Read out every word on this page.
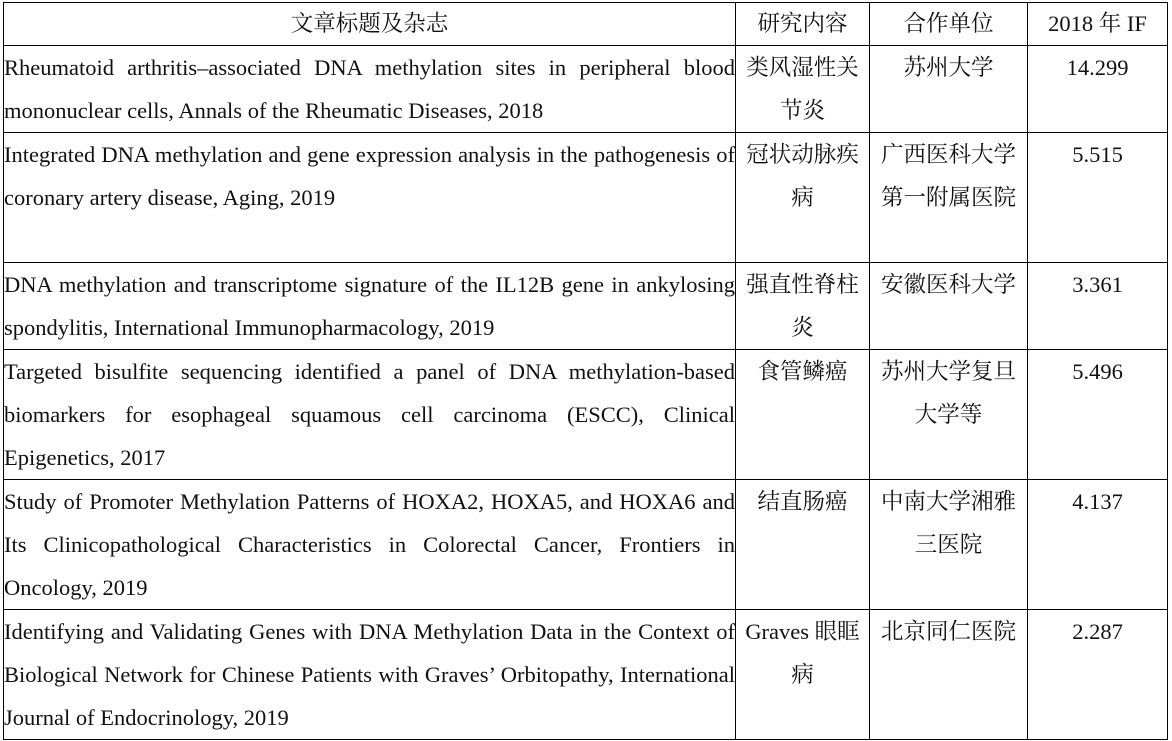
文章标题及杂志	研究内容	合作单位	2018 年 IF
Rheumatoid arthritis–associated DNA methylation sites in peripheral blood mononuclear cells, Annals of the Rheumatic Diseases, 2018	类风湿性关节炎	苏州大学	14.299
Integrated DNA methylation and gene expression analysis in the pathogenesis of coronary artery disease, Aging, 2019	冠状动脉疾病	广西医科大学第一附属医院	5.515
DNA methylation and transcriptome signature of the IL12B gene in ankylosing spondylitis, International Immunopharmacology, 2019	强直性脊柱炎	安徽医科大学	3.361
Targeted bisulfite sequencing identified a panel of DNA methylation-based biomarkers for esophageal squamous cell carcinoma (ESCC), Clinical Epigenetics, 2017	食管鳞癌	苏州大学复旦大学等	5.496
Study of Promoter Methylation Patterns of HOXA2, HOXA5, and HOXA6 and Its Clinicopathological Characteristics in Colorectal Cancer, Frontiers in Oncology, 2019	结直肠癌	中南大学湘雅三医院	4.137
Identifying and Validating Genes with DNA Methylation Data in the Context of Biological Network for Chinese Patients with Graves’ Orbitopathy, International Journal of Endocrinology, 2019	Graves 眼眶病	北京同仁医院	2.287
